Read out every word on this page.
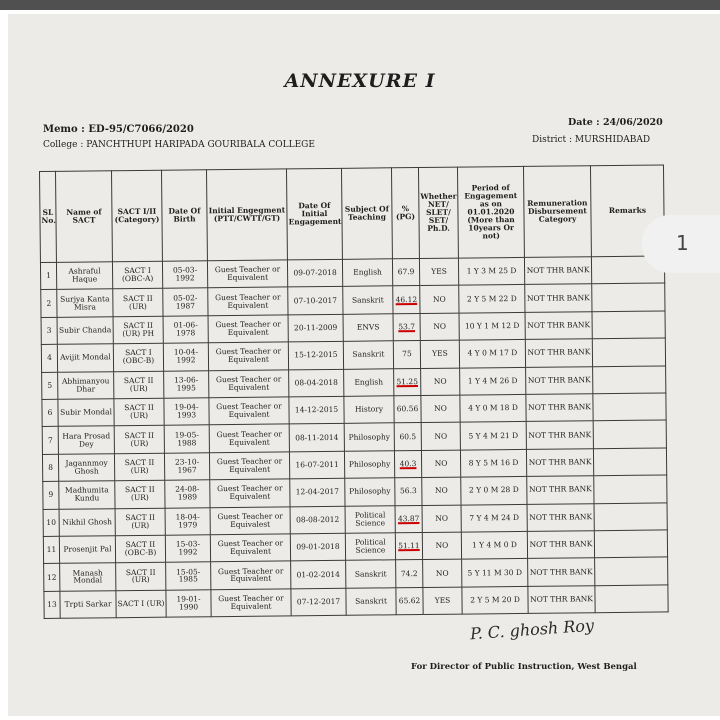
ANNEXURE I
Memo : ED-95/C7066/2020
College : PANCHTHUPI HARIPADA GOURIBALA COLLEGE
Date : 24/06/2020
District : MURSHIDABAD
SL No.	Name of SACT	SACT I/II (Category)	Date Of Birth	Initial Engegment (PTT/CWTT/GT)	Date Of Initial Engagement	Subject Of Teaching	% (PG)	Whether NET/ SLET/ SET/ Ph.D.	Period of Engagement as on 01.01.2020 (More than 10years Or not)	Remuneration Disbursement Category	Remarks
1	Ashraful Haque	SACT I (OBC-A)	05-03-1992	Guest Teacher or Equivalent	09-07-2018	English	67.9	YES	1 Y 3 M 25 D	NOT THR BANK	
2	Surjya Kanta Misra	SACT II (UR)	05-02-1987	Guest Teacher or Equivalent	07-10-2017	Sanskrit	46.12	NO	2 Y 5 M 22 D	NOT THR BANK	
3	Subir Chanda	SACT II (UR) PH	01-06-1978	Guest Teacher or Equivalent	20-11-2009	ENVS	53.7	NO	10 Y 1 M 12 D	NOT THR BANK	
4	Avijit Mondal	SACT I (OBC-B)	10-04-1992	Guest Teacher or Equivalent	15-12-2015	Sanskrit	75	YES	4 Y 0 M 17 D	NOT THR BANK	
5	Abhimanyou Dhar	SACT II (UR)	13-06-1995	Guest Teacher or Equivalent	08-04-2018	English	51.25	NO	1 Y 4 M 26 D	NOT THR BANK	
6	Subir Mondal	SACT II (UR)	19-04-1993	Guest Teacher or Equivalent	14-12-2015	History	60.56	NO	4 Y 0 M 18 D	NOT THR BANK	
7	Hara Prosad Dey	SACT II (UR)	19-05-1988	Guest Teacher or Equivalent	08-11-2014	Philosophy	60.5	NO	5 Y 4 M 21 D	NOT THR BANK	
8	Jagannmoy Ghosh	SACT II (UR)	23-10-1967	Guest Teacher or Equivalent	16-07-2011	Philosophy	40.3	NO	8 Y 5 M 16 D	NOT THR BANK	
9	Madhumita Kundu	SACT II (UR)	24-08-1989	Guest Teacher or Equivalent	12-04-2017	Philosophy	56.3	NO	2 Y 0 M 28 D	NOT THR BANK	
10	Nikhil Ghosh	SACT II (UR)	18-04-1979	Guest Teacher or Equivalest	08-08-2012	Political Science	43.87	NO	7 Y 4 M 24 D	NOT THR BANK	
11	Prosenjit Pal	SACT II (OBC-B)	15-03-1992	Guest Teacher or Equivalent	09-01-2018	Political Science	51.11	NO	1 Y 4 M 0 D	NOT THR BANK	
12	Manash Mondal	SACT II (UR)	15-05-1985	Guest Teacher or Equivalent	01-02-2014	Sanskrit	74.2	NO	5 Y 11 M 30 D	NOT THR BANK	
13	Trpti Sarkar	SACT I (UR)	19-01-1990	Guest Teacher or Equivalent	07-12-2017	Sanskrit	65.62	YES	2 Y 5 M 20 D	NOT THR BANK	
P. C. ghosh Roy
For Director of Public Instruction, West Bengal
1
